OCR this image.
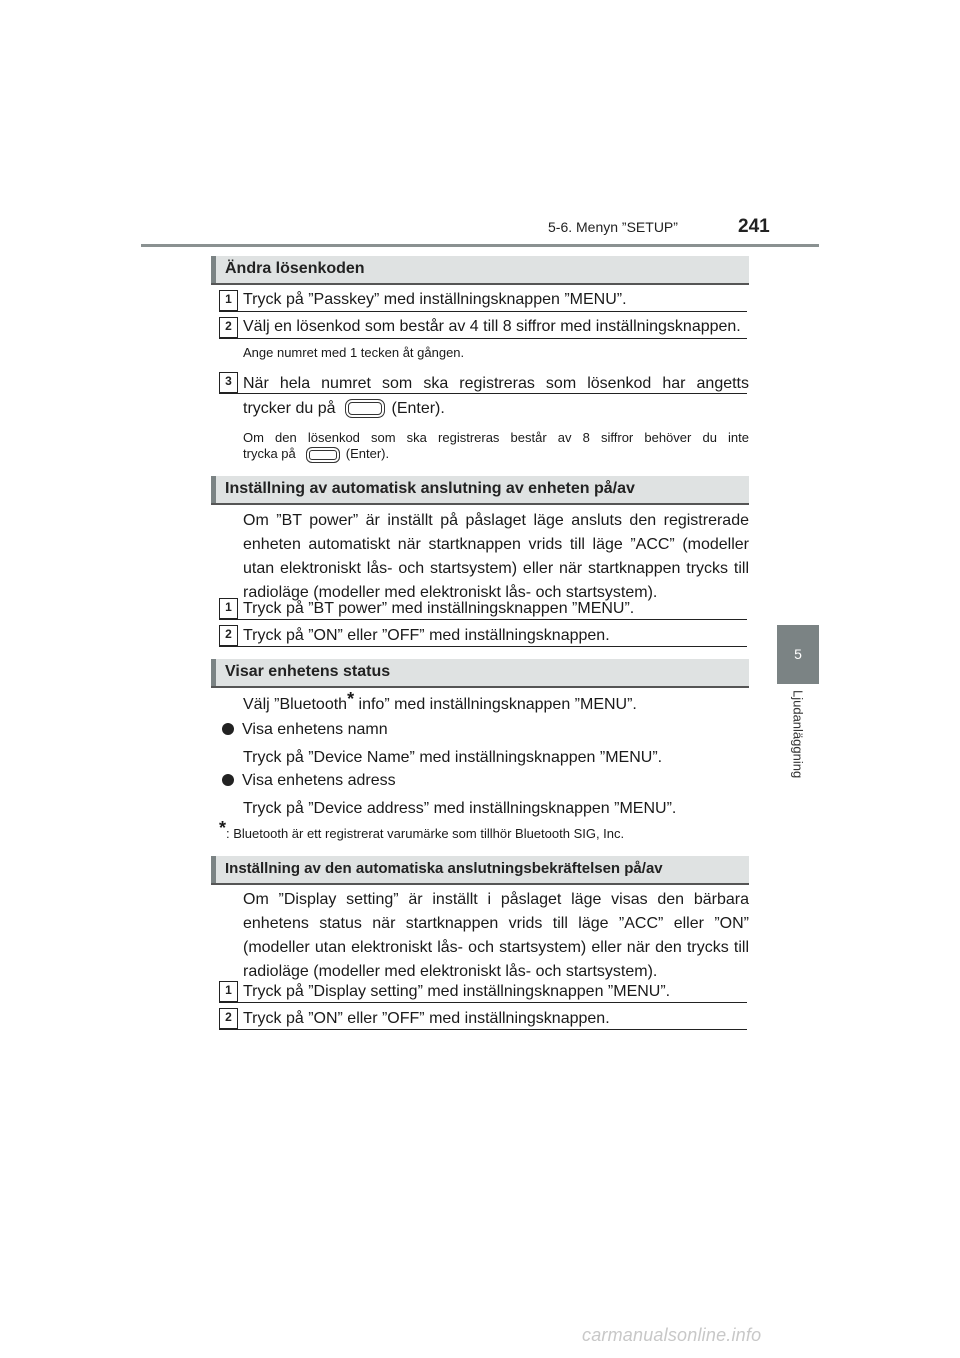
5-6. Menyn ”SETUP”	241
5
Ljudanläggning
Ändra lösenkoden
1 Tryck på ”Passkey” med inställningsknappen ”MENU”.
2 Välj en lösenkod som består av 4 till 8 siffror med inställningsknappen.
Ange numret med 1 tecken åt gången.
3 När hela numret som ska registreras som lösenkod har angetts
trycker du på	(Enter).
Om den lösenkod som ska registreras består av 8 siffror behöver du inte
trycka på	(Enter).
Inställning av automatisk anslutning av enheten på/av
Om ”BT power” är inställt på påslaget läge ansluts den registrerade enheten automatiskt när startknappen vrids till läge ”ACC” (modeller utan elektroniskt lås- och startsystem) eller när startknappen trycks till radioläge (modeller med elektroniskt lås- och startsystem).
1 Tryck på ”BT power” med inställningsknappen ”MENU”.
2 Tryck på ”ON” eller ”OFF” med inställningsknappen.
Visar enhetens status
Välj ”Bluetooth* info” med inställningsknappen ”MENU”.
Visa enhetens namn
Tryck på ”Device Name” med inställningsknappen ”MENU”.
Visa enhetens adress
Tryck på ”Device address” med inställningsknappen ”MENU”.
*: Bluetooth är ett registrerat varumärke som tillhör Bluetooth SIG, Inc.
Inställning av den automatiska anslutningsbekräftelsen på/av
Om ”Display setting” är inställt i påslaget läge visas den bärbara enhetens status när startknappen vrids till läge ”ACC” eller ”ON” (modeller utan elektroniskt lås- och startsystem) eller när den trycks till radioläge (modeller med elektroniskt lås- och startsystem).
1 Tryck på ”Display setting” med inställningsknappen ”MENU”.
2 Tryck på ”ON” eller ”OFF” med inställningsknappen.
carmanualsonline.info
